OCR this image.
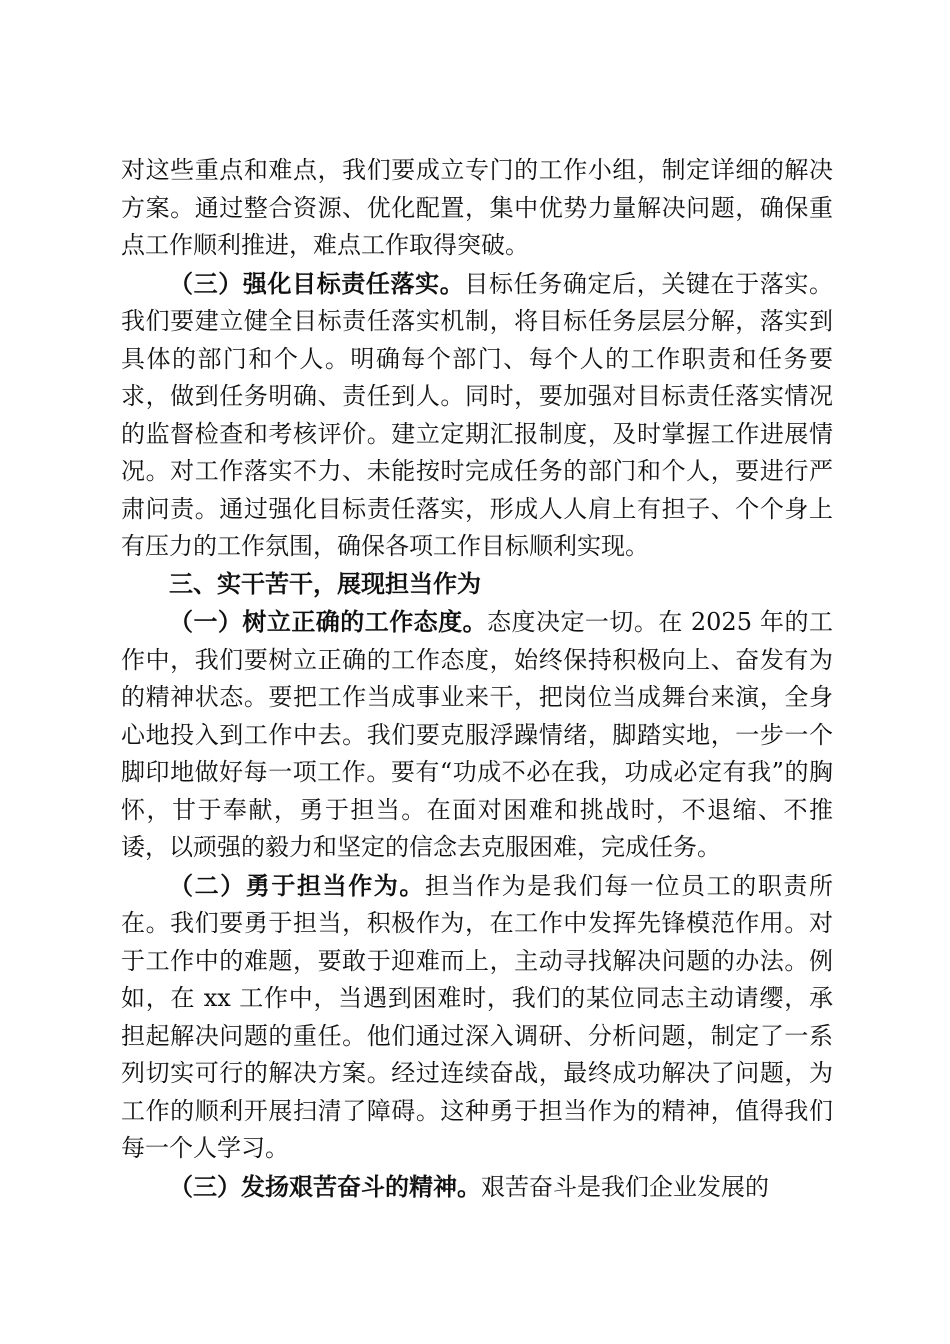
对这些重点和难点，我们要成立专门的工作小组，制定详细的解决方案。通过整合资源、优化配置，集中优势力量解决问题，确保重点工作顺利推进，难点工作取得突破。

（三）强化目标责任落实。目标任务确定后，关键在于落实。我们要建立健全目标责任落实机制，将目标任务层层分解，落实到具体的部门和个人。明确每个部门、每个人的工作职责和任务要求，做到任务明确、责任到人。同时，要加强对目标责任落实情况的监督检查和考核评价。建立定期汇报制度，及时掌握工作进展情况。对工作落实不力、未能按时完成任务的部门和个人，要进行严肃问责。通过强化目标责任落实，形成人人肩上有担子、个个身上有压力的工作氛围，确保各项工作目标顺利实现。

三、实干苦干，展现担当作为

（一）树立正确的工作态度。态度决定一切。在 2025 年的工作中，我们要树立正确的工作态度，始终保持积极向上、奋发有为的精神状态。要把工作当成事业来干，把岗位当成舞台来演，全身心地投入到工作中去。我们要克服浮躁情绪，脚踏实地，一步一个脚印地做好每一项工作。要有“功成不必在我，功成必定有我”的胸怀，甘于奉献，勇于担当。在面对困难和挑战时，不退缩、不推诿，以顽强的毅力和坚定的信念去克服困难，完成任务。

（二）勇于担当作为。担当作为是我们每一位员工的职责所在。我们要勇于担当，积极作为，在工作中发挥先锋模范作用。对于工作中的难题，要敢于迎难而上，主动寻找解决问题的办法。例如，在 xx 工作中，当遇到困难时，我们的某位同志主动请缨，承担起解决问题的重任。他们通过深入调研、分析问题，制定了一系列切实可行的解决方案。经过连续奋战，最终成功解决了问题，为工作的顺利开展扫清了障碍。这种勇于担当作为的精神，值得我们每一个人学习。

（三）发扬艰苦奋斗的精神。艰苦奋斗是我们企业发展的
